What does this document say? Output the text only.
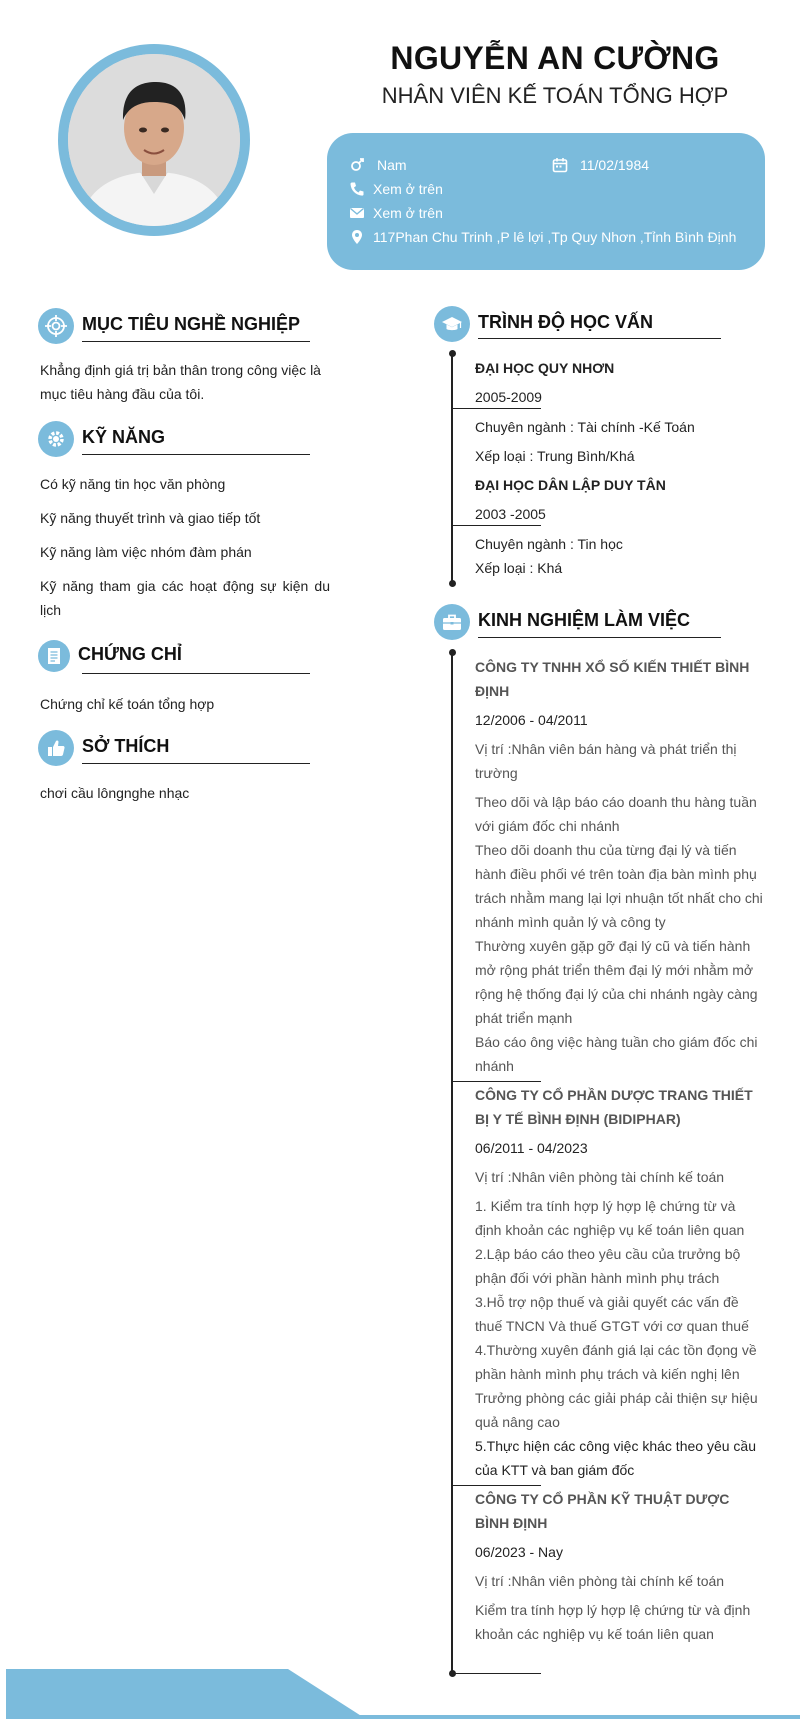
NGUYỄN AN CƯỜNG
NHÂN VIÊN KẾ TOÁN TỔNG HỢP
Nam	11/02/1984
Xem ở trên
Xem ở trên
117Phan Chu Trinh ,P lê lợi ,Tp Quy Nhơn ,Tỉnh Bình Định
MỤC TIÊU NGHỀ NGHIỆP
Khẳng định giá trị bản thân trong công việc là mục tiêu hàng đầu của tôi.
KỸ NĂNG
Có kỹ năng tin học văn phòng
Kỹ năng thuyết trình và giao tiếp tốt
Kỹ năng làm việc nhóm đàm phán
Kỹ năng tham gia các hoạt động sự kiện du lịch
CHỨNG CHỈ
Chứng chỉ kế toán tổng hợp
SỞ THÍCH
chơi cầu lôngnghe nhạc
TRÌNH ĐỘ HỌC VẤN
ĐẠI HỌC QUY NHƠN
2005-2009
Chuyên ngành : Tài chính -Kế Toán
Xếp loại : Trung Bình/Khá
ĐẠI HỌC DÂN LẬP DUY TÂN
2003 -2005
Chuyên ngành : Tin học
Xếp loại : Khá
KINH NGHIỆM LÀM VIỆC
CÔNG TY TNHH XỔ SỐ KIẾN THIẾT BÌNH ĐỊNH
12/2006 - 04/2011
Vị trí :Nhân viên bán hàng và phát triển thị trường
Theo dõi và lập báo cáo doanh thu hàng tuần với giám đốc chi nhánh
Theo dõi doanh thu của từng đại lý và tiến hành điều phối vé trên toàn địa bàn mình phụ trách nhằm mang lại lợi nhuận tốt nhất cho chi nhánh mình quản lý và công ty
Thường xuyên gặp gỡ đại lý cũ và tiến hành mở rộng phát triển thêm đại lý mới nhằm mở rộng hệ thống đại lý của chi nhánh ngày càng phát triển mạnh
Báo cáo ông việc hàng tuần cho giám đốc chi nhánh
CÔNG TY CỔ PHẦN DƯỢC TRANG THIẾT BỊ Y TẾ BÌNH ĐỊNH (BIDIPHAR)
06/2011 - 04/2023
Vị trí :Nhân viên phòng tài chính kế toán
1. Kiểm tra tính hợp lý hợp lệ chứng từ và định khoản các nghiệp vụ kế toán liên quan
2.Lập báo cáo theo yêu cầu của trưởng bộ phận đối với phần hành mình phụ trách
3.Hỗ trợ nộp thuế và giải quyết các vấn đề thuế TNCN Và thuế GTGT với cơ quan thuế
4.Thường xuyên đánh giá lại các tồn đọng về phần hành mình phụ trách và kiến nghị lên Trưởng phòng các giải pháp cải thiện sự hiệu quả nâng cao
5.Thực hiện các công việc khác theo yêu cầu của KTT và ban giám đốc
CÔNG TY CỔ PHẦN KỸ THUẬT DƯỢC BÌNH ĐỊNH
06/2023 - Nay
Vị trí :Nhân viên phòng tài chính kế toán
Kiểm tra tính hợp lý hợp lệ chứng từ và định khoản các nghiệp vụ kế toán liên quan
